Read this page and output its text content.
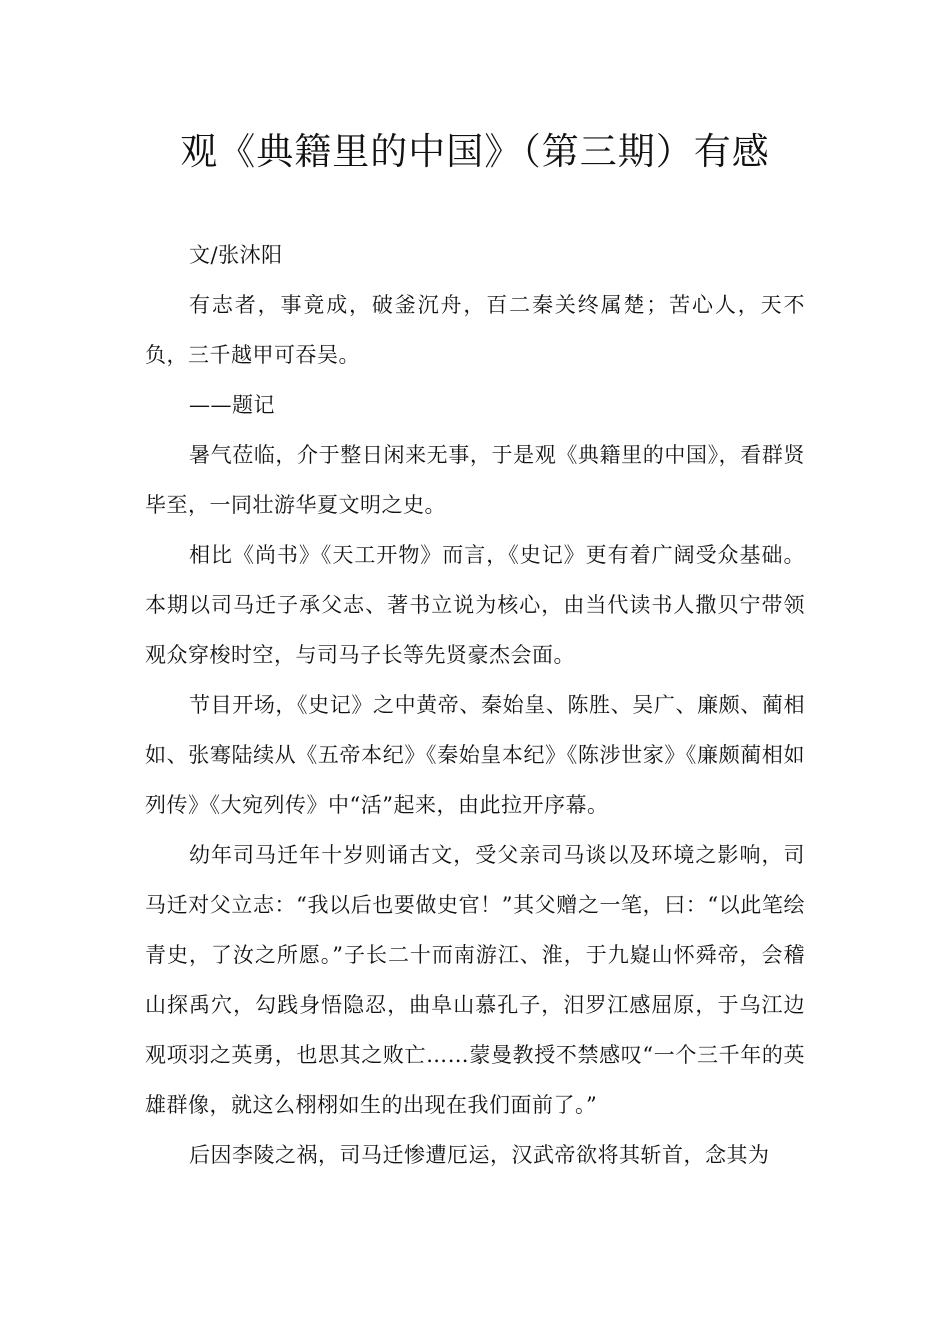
观《典籍里的中国》（第三期）有感

文/张沐阳

有志者，事竟成，破釜沉舟，百二秦关终属楚；苦心人，天不负，三千越甲可吞吴。

——题记

暑气莅临，介于整日闲来无事，于是观《典籍里的中国》，看群贤毕至，一同壮游华夏文明之史。

相比《尚书》《天工开物》而言，《史记》更有着广阔受众基础。本期以司马迁子承父志、著书立说为核心，由当代读书人撒贝宁带领观众穿梭时空，与司马子长等先贤豪杰会面。

节目开场，《史记》之中黄帝、秦始皇、陈胜、吴广、廉颇、蔺相如、张骞陆续从《五帝本纪》《秦始皇本纪》《陈涉世家》《廉颇蔺相如列传》《大宛列传》中“活”起来，由此拉开序幕。

幼年司马迁年十岁则诵古文，受父亲司马谈以及环境之影响，司马迁对父立志：“我以后也要做史官！”其父赠之一笔，曰：“以此笔绘青史，了汝之所愿。”子长二十而南游江、淮，于九嶷山怀舜帝，会稽山探禹穴，勾践身悟隐忍，曲阜山慕孔子，汨罗江感屈原，于乌江边观项羽之英勇，也思其之败亡……蒙曼教授不禁感叹“一个三千年的英雄群像，就这么栩栩如生的出现在我们面前了。”

后因李陵之祸，司马迁惨遭厄运，汉武帝欲将其斩首，念其为
